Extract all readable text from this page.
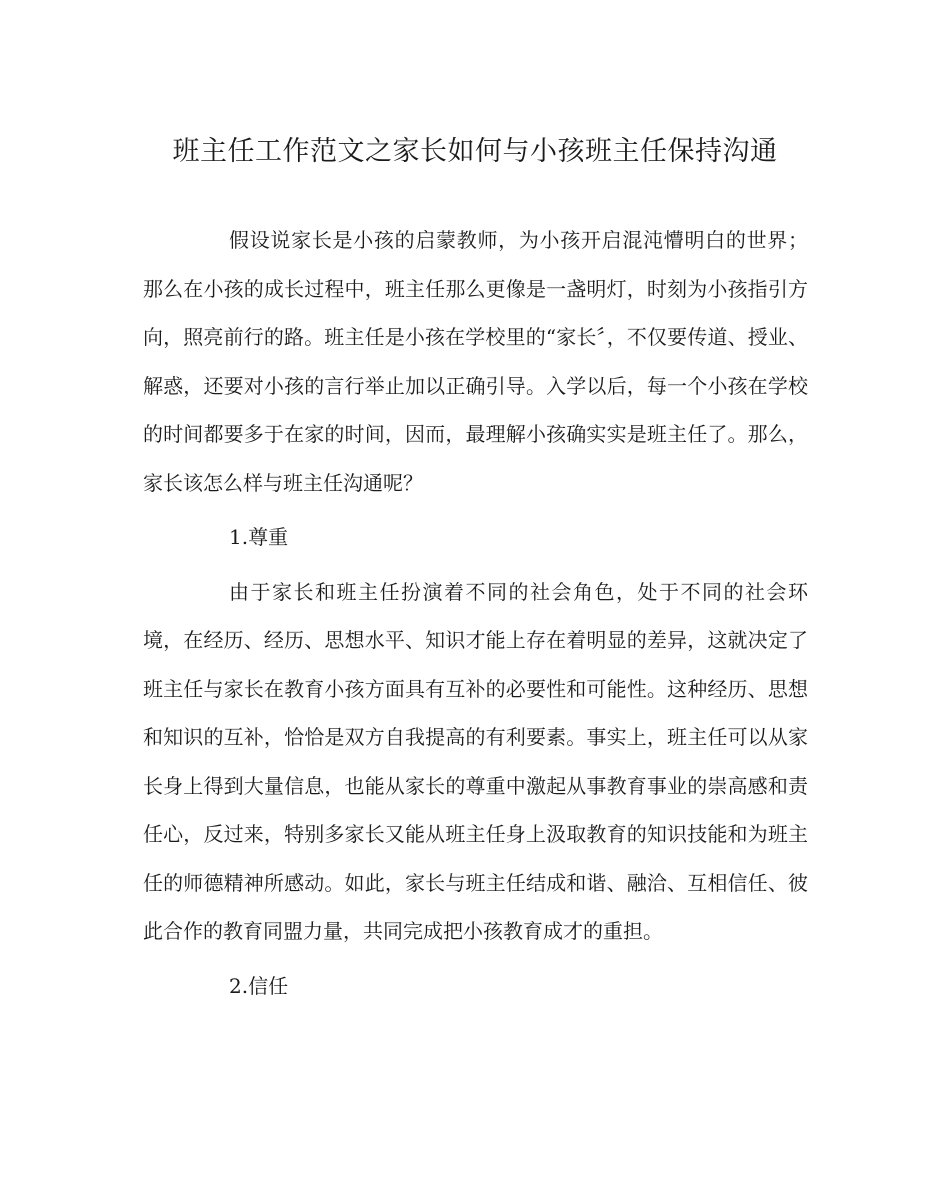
班主任工作范文之家长如何与小孩班主任保持沟通

假设说家长是小孩的启蒙教师，为小孩开启混沌懵明白的世界；那么在小孩的成长过程中，班主任那么更像是一盏明灯，时刻为小孩指引方向，照亮前行的路。班主任是小孩在学校里的“家长〞，不仅要传道、授业、解惑，还要对小孩的言行举止加以正确引导。入学以后，每一个小孩在学校的时间都要多于在家的时间，因而，最理解小孩确实实是班主任了。那么，家长该怎么样与班主任沟通呢？

1.尊重

由于家长和班主任扮演着不同的社会角色，处于不同的社会环境，在经历、经历、思想水平、知识才能上存在着明显的差异，这就决定了班主任与家长在教育小孩方面具有互补的必要性和可能性。这种经历、思想和知识的互补，恰恰是双方自我提高的有利要素。事实上，班主任可以从家长身上得到大量信息，也能从家长的尊重中激起从事教育事业的崇高感和责任心，反过来，特别多家长又能从班主任身上汲取教育的知识技能和为班主任的师德精神所感动。如此，家长与班主任结成和谐、融洽、互相信任、彼此合作的教育同盟力量，共同完成把小孩教育成才的重担。

2.信任
